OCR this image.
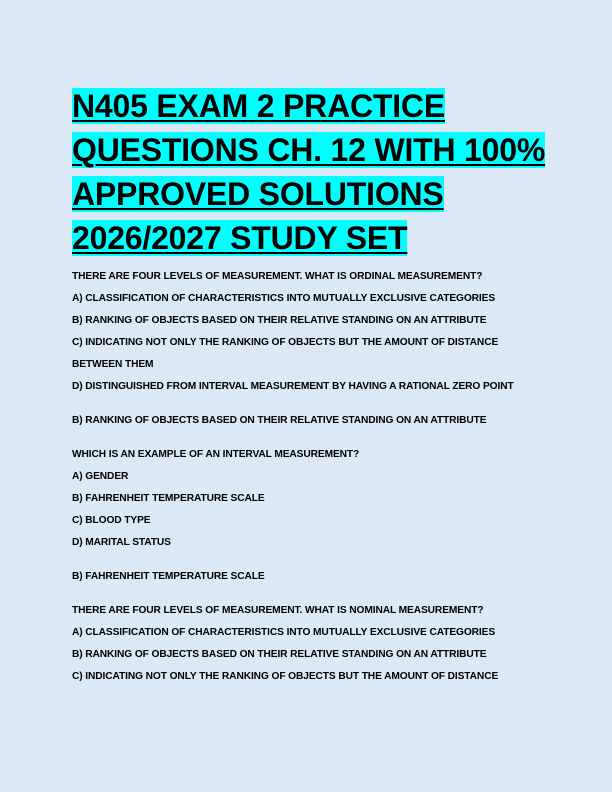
N405 EXAM 2 PRACTICE
QUESTIONS CH. 12 WITH 100%
APPROVED SOLUTIONS
2026/2027 STUDY SET
THERE ARE FOUR LEVELS OF MEASUREMENT. WHAT IS ORDINAL MEASUREMENT?
A) CLASSIFICATION OF CHARACTERISTICS INTO MUTUALLY EXCLUSIVE CATEGORIES
B) RANKING OF OBJECTS BASED ON THEIR RELATIVE STANDING ON AN ATTRIBUTE
C) INDICATING NOT ONLY THE RANKING OF OBJECTS BUT THE AMOUNT OF DISTANCE
BETWEEN THEM
D) DISTINGUISHED FROM INTERVAL MEASUREMENT BY HAVING A RATIONAL ZERO POINT
B) RANKING OF OBJECTS BASED ON THEIR RELATIVE STANDING ON AN ATTRIBUTE
WHICH IS AN EXAMPLE OF AN INTERVAL MEASUREMENT?
A) GENDER
B) FAHRENHEIT TEMPERATURE SCALE
C) BLOOD TYPE
D) MARITAL STATUS
B) FAHRENHEIT TEMPERATURE SCALE
THERE ARE FOUR LEVELS OF MEASUREMENT. WHAT IS NOMINAL MEASUREMENT?
A) CLASSIFICATION OF CHARACTERISTICS INTO MUTUALLY EXCLUSIVE CATEGORIES
B) RANKING OF OBJECTS BASED ON THEIR RELATIVE STANDING ON AN ATTRIBUTE
C) INDICATING NOT ONLY THE RANKING OF OBJECTS BUT THE AMOUNT OF DISTANCE
